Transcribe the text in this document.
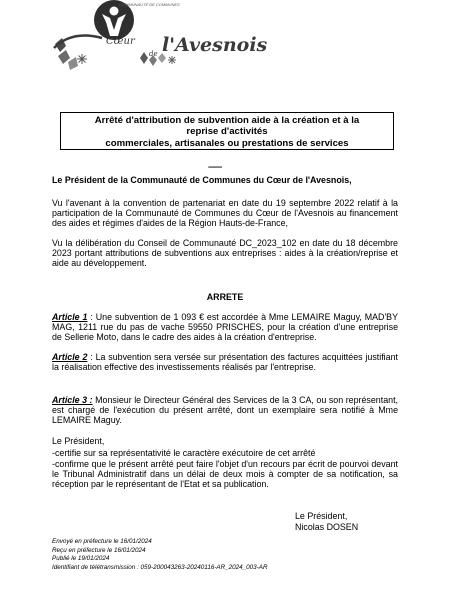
COMMUNAUTÉ DE COMMUNES
Cœur
de l'Avesnois
Arrêté d'attribution de subvention aide à la création et à la
reprise d'activités
commerciales, artisanales ou prestations de services
----------
Le Président de la Communauté de Communes du Cœur de l'Avesnois,
Vu l'avenant à la convention de partenariat en date du 19 septembre 2022 relatif à la participation de la Communauté de Communes du Cœur de l'Avesnois au financement des aides et régimes d'aides de la Région Hauts-de-France,
Vu la délibération du Conseil de Communauté DC_2023_102 en date du 18 décembre 2023 portant attributions de subventions aux entreprises : aides à la création/reprise et aide au développement.
ARRETE
Article 1 : Une subvention de 1 093 € est accordée à Mme LEMAIRE Maguy, MAD'BY MAG, 1211 rue du pas de vache 59550 PRISCHES, pour la création d'une entreprise de Sellerie Moto, dans le cadre des aides à la création d'entreprise.
Article 2 : La subvention sera versée sur présentation des factures acquittées justifiant la réalisation effective des investissements réalisés par l'entreprise.
Article 3 : Monsieur le Directeur Général des Services de la 3 CA, ou son représentant, est chargé de l'exécution du présent arrêté, dont un exemplaire sera notifié à Mme LEMAIRE Maguy.
Le Président,
-certifie sur sa représentativité le caractère exécutoire de cet arrêté
-confirme que le présent arrêté peut faire l'objet d'un recours par écrit de pourvoi devant le Tribunal Administratif dans un délai de deux mois à compter de sa notification, sa réception par le représentant de l'Etat et sa publication.
Le Président,
Nicolas DOSEN
Envoyé en préfecture le 16/01/2024
Reçu en préfecture le 16/01/2024
Publié le 19/01/2024
Identifiant de télétransmission : 059-200043263-20240116-AR_2024_003-AR
